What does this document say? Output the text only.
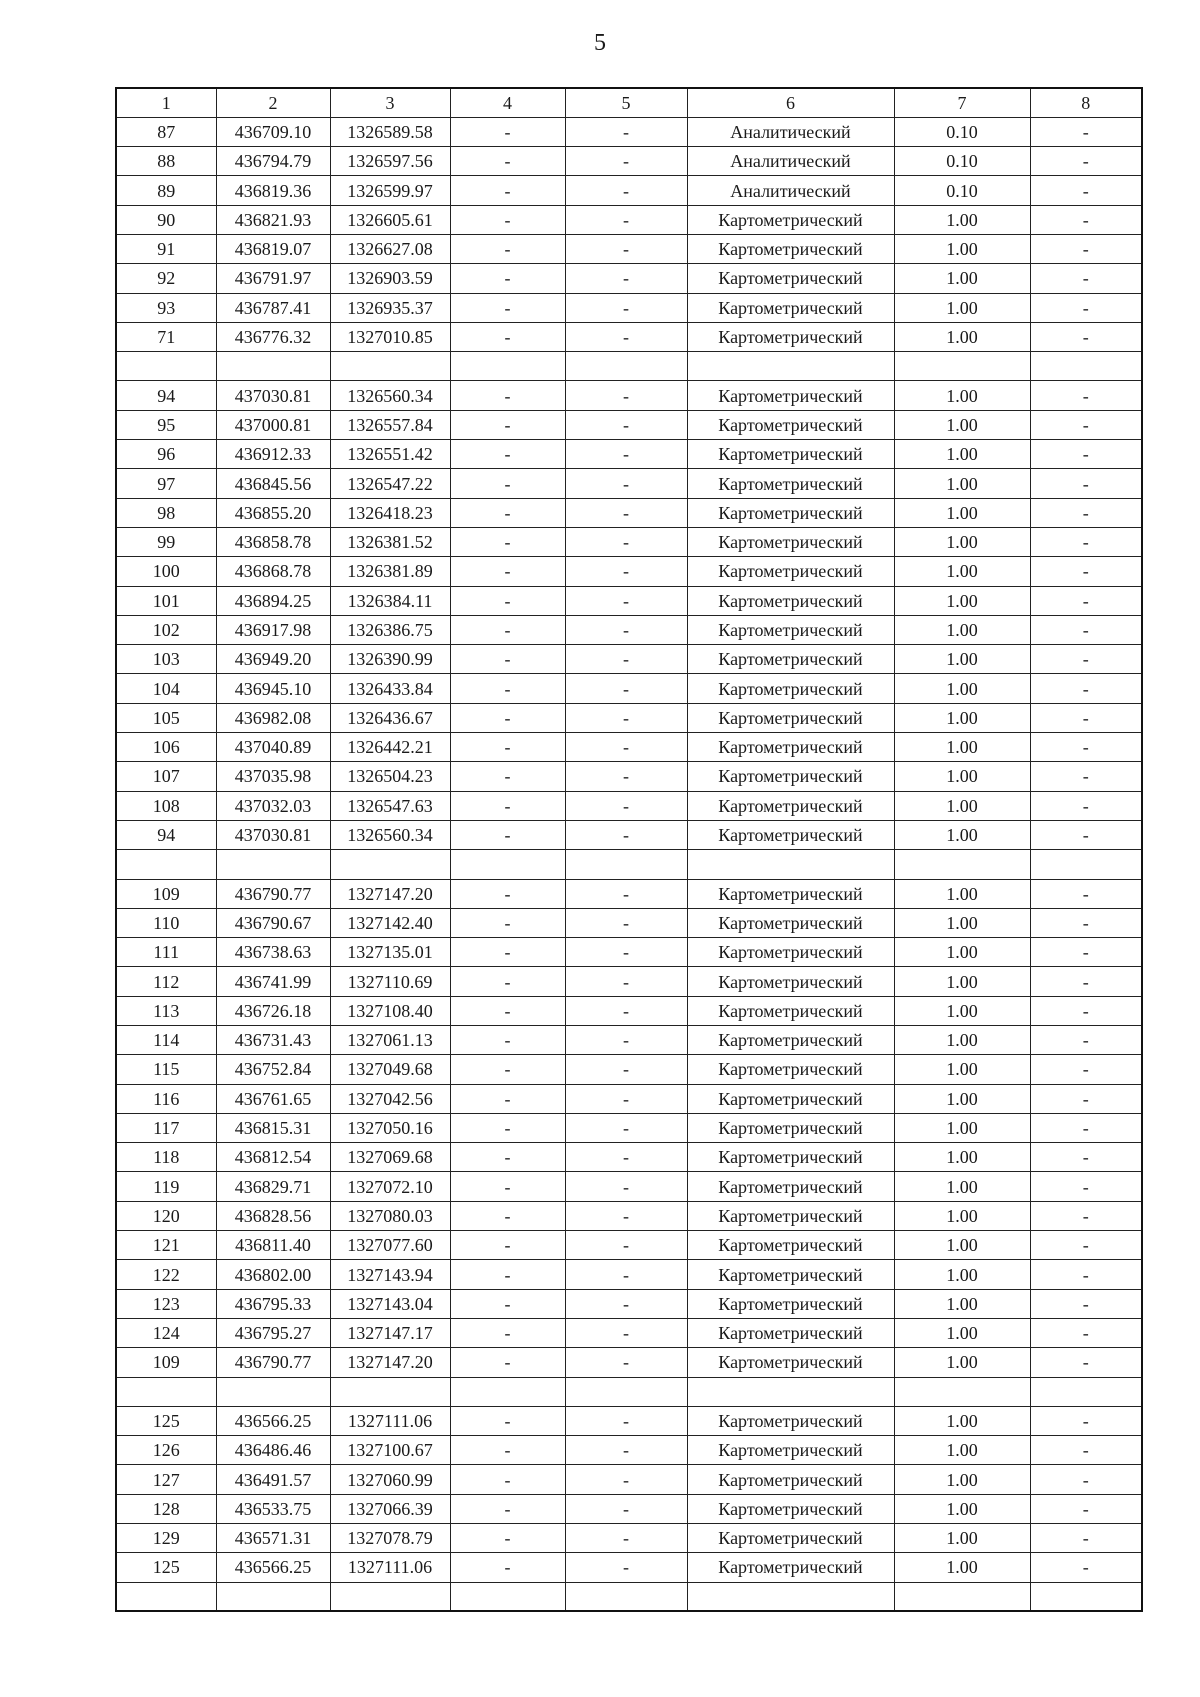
5
1	2	3	4	5	6	7	8
87	436709.10	1326589.58	-	-	Аналитический	0.10	-
88	436794.79	1326597.56	-	-	Аналитический	0.10	-
89	436819.36	1326599.97	-	-	Аналитический	0.10	-
90	436821.93	1326605.61	-	-	Картометрический	1.00	-
91	436819.07	1326627.08	-	-	Картометрический	1.00	-
92	436791.97	1326903.59	-	-	Картометрический	1.00	-
93	436787.41	1326935.37	-	-	Картометрический	1.00	-
71	436776.32	1327010.85	-	-	Картометрический	1.00	-

94	437030.81	1326560.34	-	-	Картометрический	1.00	-
95	437000.81	1326557.84	-	-	Картометрический	1.00	-
96	436912.33	1326551.42	-	-	Картометрический	1.00	-
97	436845.56	1326547.22	-	-	Картометрический	1.00	-
98	436855.20	1326418.23	-	-	Картометрический	1.00	-
99	436858.78	1326381.52	-	-	Картометрический	1.00	-
100	436868.78	1326381.89	-	-	Картометрический	1.00	-
101	436894.25	1326384.11	-	-	Картометрический	1.00	-
102	436917.98	1326386.75	-	-	Картометрический	1.00	-
103	436949.20	1326390.99	-	-	Картометрический	1.00	-
104	436945.10	1326433.84	-	-	Картометрический	1.00	-
105	436982.08	1326436.67	-	-	Картометрический	1.00	-
106	437040.89	1326442.21	-	-	Картометрический	1.00	-
107	437035.98	1326504.23	-	-	Картометрический	1.00	-
108	437032.03	1326547.63	-	-	Картометрический	1.00	-
94	437030.81	1326560.34	-	-	Картометрический	1.00	-

109	436790.77	1327147.20	-	-	Картометрический	1.00	-
110	436790.67	1327142.40	-	-	Картометрический	1.00	-
111	436738.63	1327135.01	-	-	Картометрический	1.00	-
112	436741.99	1327110.69	-	-	Картометрический	1.00	-
113	436726.18	1327108.40	-	-	Картометрический	1.00	-
114	436731.43	1327061.13	-	-	Картометрический	1.00	-
115	436752.84	1327049.68	-	-	Картометрический	1.00	-
116	436761.65	1327042.56	-	-	Картометрический	1.00	-
117	436815.31	1327050.16	-	-	Картометрический	1.00	-
118	436812.54	1327069.68	-	-	Картометрический	1.00	-
119	436829.71	1327072.10	-	-	Картометрический	1.00	-
120	436828.56	1327080.03	-	-	Картометрический	1.00	-
121	436811.40	1327077.60	-	-	Картометрический	1.00	-
122	436802.00	1327143.94	-	-	Картометрический	1.00	-
123	436795.33	1327143.04	-	-	Картометрический	1.00	-
124	436795.27	1327147.17	-	-	Картометрический	1.00	-
109	436790.77	1327147.20	-	-	Картометрический	1.00	-

125	436566.25	1327111.06	-	-	Картометрический	1.00	-
126	436486.46	1327100.67	-	-	Картометрический	1.00	-
127	436491.57	1327060.99	-	-	Картометрический	1.00	-
128	436533.75	1327066.39	-	-	Картометрический	1.00	-
129	436571.31	1327078.79	-	-	Картометрический	1.00	-
125	436566.25	1327111.06	-	-	Картометрический	1.00	-
